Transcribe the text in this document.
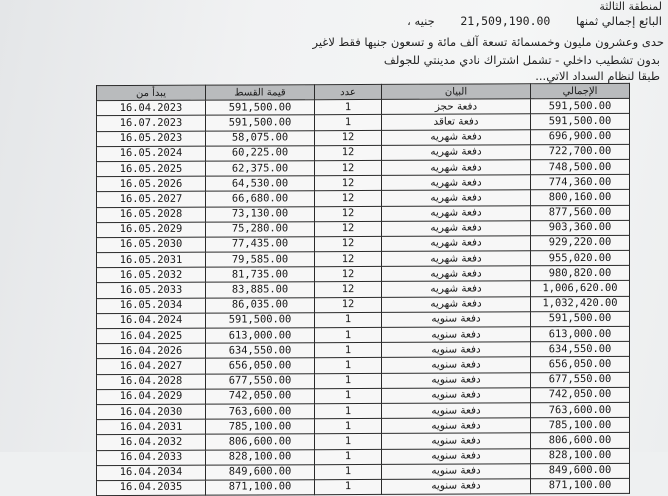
لمنطقة الثالثة
البائع إجمالي ثمنها 21,509,190.00 جنيه ،
حدى وعشرون مليون وخمسمائة تسعة آلف مائة و تسعون جنيها فقط لاغير
بدون تشطيب داخلي - تشمل اشتراك نادي مدينتي للجولف
طبقا لنظام السداد الاتي...
يبدأ من	قيمة القسط	عدد	البيان	الإجمالي
16.04.2023	591,500.00	1	دفعة حجز	591,500.00
16.07.2023	591,500.00	1	دفعة تعاقد	591,500.00
16.05.2023	58,075.00	12	دفعة شهريه	696,900.00
16.05.2024	60,225.00	12	دفعة شهريه	722,700.00
16.05.2025	62,375.00	12	دفعة شهريه	748,500.00
16.05.2026	64,530.00	12	دفعة شهريه	774,360.00
16.05.2027	66,680.00	12	دفعة شهريه	800,160.00
16.05.2028	73,130.00	12	دفعة شهريه	877,560.00
16.05.2029	75,280.00	12	دفعة شهريه	903,360.00
16.05.2030	77,435.00	12	دفعة شهريه	929,220.00
16.05.2031	79,585.00	12	دفعة شهريه	955,020.00
16.05.2032	81,735.00	12	دفعة شهريه	980,820.00
16.05.2033	83,885.00	12	دفعة شهريه	1,006,620.00
16.05.2034	86,035.00	12	دفعة شهريه	1,032,420.00
16.04.2024	591,500.00	1	دفعة سنويه	591,500.00
16.04.2025	613,000.00	1	دفعة سنويه	613,000.00
16.04.2026	634,550.00	1	دفعة سنويه	634,550.00
16.04.2027	656,050.00	1	دفعة سنويه	656,050.00
16.04.2028	677,550.00	1	دفعة سنويه	677,550.00
16.04.2029	742,050.00	1	دفعة سنويه	742,050.00
16.04.2030	763,600.00	1	دفعة سنويه	763,600.00
16.04.2031	785,100.00	1	دفعة سنويه	785,100.00
16.04.2032	806,600.00	1	دفعة سنويه	806,600.00
16.04.2033	828,100.00	1	دفعة سنويه	828,100.00
16.04.2034	849,600.00	1	دفعة سنويه	849,600.00
16.04.2035	871,100.00	1	دفعة سنويه	871,100.00
